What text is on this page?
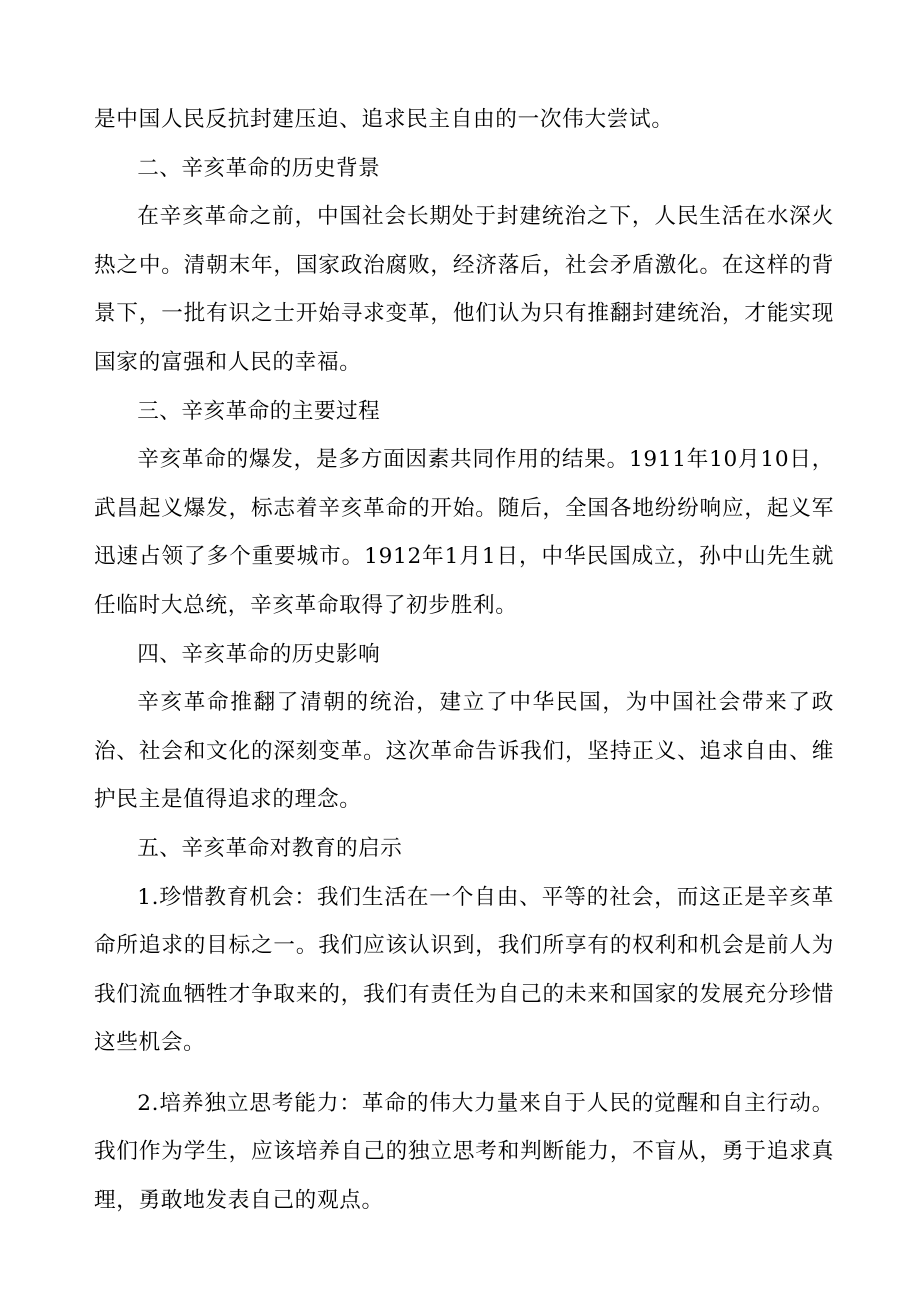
是中国人民反抗封建压迫、追求民主自由的一次伟大尝试。

二、辛亥革命的历史背景

在辛亥革命之前，中国社会长期处于封建统治之下，人民生活在水深火热之中。清朝末年，国家政治腐败，经济落后，社会矛盾激化。在这样的背景下，一批有识之士开始寻求变革，他们认为只有推翻封建统治，才能实现国家的富强和人民的幸福。

三、辛亥革命的主要过程

辛亥革命的爆发，是多方面因素共同作用的结果。1911年10月10日，武昌起义爆发，标志着辛亥革命的开始。随后，全国各地纷纷响应，起义军迅速占领了多个重要城市。1912年1月1日，中华民国成立，孙中山先生就任临时大总统，辛亥革命取得了初步胜利。

四、辛亥革命的历史影响

辛亥革命推翻了清朝的统治，建立了中华民国，为中国社会带来了政治、社会和文化的深刻变革。这次革命告诉我们，坚持正义、追求自由、维护民主是值得追求的理念。

五、辛亥革命对教育的启示

1.珍惜教育机会：我们生活在一个自由、平等的社会，而这正是辛亥革命所追求的目标之一。我们应该认识到，我们所享有的权利和机会是前人为我们流血牺牲才争取来的，我们有责任为自己的未来和国家的发展充分珍惜这些机会。

2.培养独立思考能力：革命的伟大力量来自于人民的觉醒和自主行动。我们作为学生，应该培养自己的独立思考和判断能力，不盲从，勇于追求真理，勇敢地发表自己的观点。
